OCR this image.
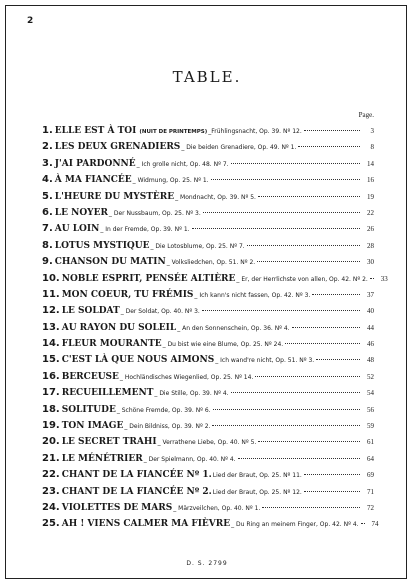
2
TABLE.
Page.
1. ELLE EST À TOI (NUIT DE PRINTEMPS) _Frühlingsnacht, Op. 39. Nº 12.	3
2. LES DEUX GRENADIERS _ Die beiden Grenadiere, Op. 49. Nº 1.	8
3. J'AI PARDONNÉ _ Ich grolle nicht, Op. 48. Nº 7.	14
4. À MA FIANCÉE _ Widmung, Op. 25. Nº 1.	16
5. L'HEURE DU MYSTÈRE _ Mondnacht, Op. 39. Nº 5.	19
6. LE NOYER _ Der Nussbaum, Op. 25. Nº 3.	22
7. AU LOIN _ In der Fremde, Op. 39. Nº 1.	26
8. LOTUS MYSTIQUE _ Die Lotosblume, Op. 25. Nº 7.	28
9. CHANSON DU MATIN _ Volksliedchen, Op. 51. Nº 2.	30
10. NOBLE ESPRIT, PENSÉE ALTIÈRE _ Er, der Herrlichste von allen, Op. 42. Nº 2.	33
11. MON COEUR, TU FRÉMIS _ Ich kann's nicht fassen, Op. 42. Nº 3.	37
12. LE SOLDAT _ Der Soldat, Op. 40. Nº 3.	40
13. AU RAYON DU SOLEIL _ An den Sonnenschein, Op. 36. Nº 4.	44
14. FLEUR MOURANTE _ Du bist wie eine Blume, Op. 25. Nº 24.	46
15. C'EST LÀ QUE NOUS AIMONS _ Ich wand're nicht, Op. 51. Nº 3.	48
16. BERCEUSE _ Hochländisches Wiegenlied, Op. 25. Nº 14.	52
17. RECUEILLEMENT _ Die Stille, Op. 39. Nº 4.	54
18. SOLITUDE _ Schöne Fremde, Op. 39. Nº 6.	56
19. TON IMAGE _ Dein Bildniss, Op. 39. Nº 2.	59
20. LE SECRET TRAHI _ Verrathene Liebe, Op. 40. Nº 5.	61
21. LE MÉNÉTRIER _ Der Spielmann, Op. 40. Nº 4.	64
22. CHANT DE LA FIANCÉE Nº 1. Lied der Braut, Op. 25. Nº 11.	69
23. CHANT DE LA FIANCÉE Nº 2. Lied der Braut, Op. 25. Nº 12.	71
24. VIOLETTES DE MARS _ Märzveilchen, Op. 40. Nº 1.	72
25. AH ! VIENS CALMER MA FIÈVRE _ Du Ring an meinem Finger, Op. 42. Nº 4.	74
D. S. 2799
